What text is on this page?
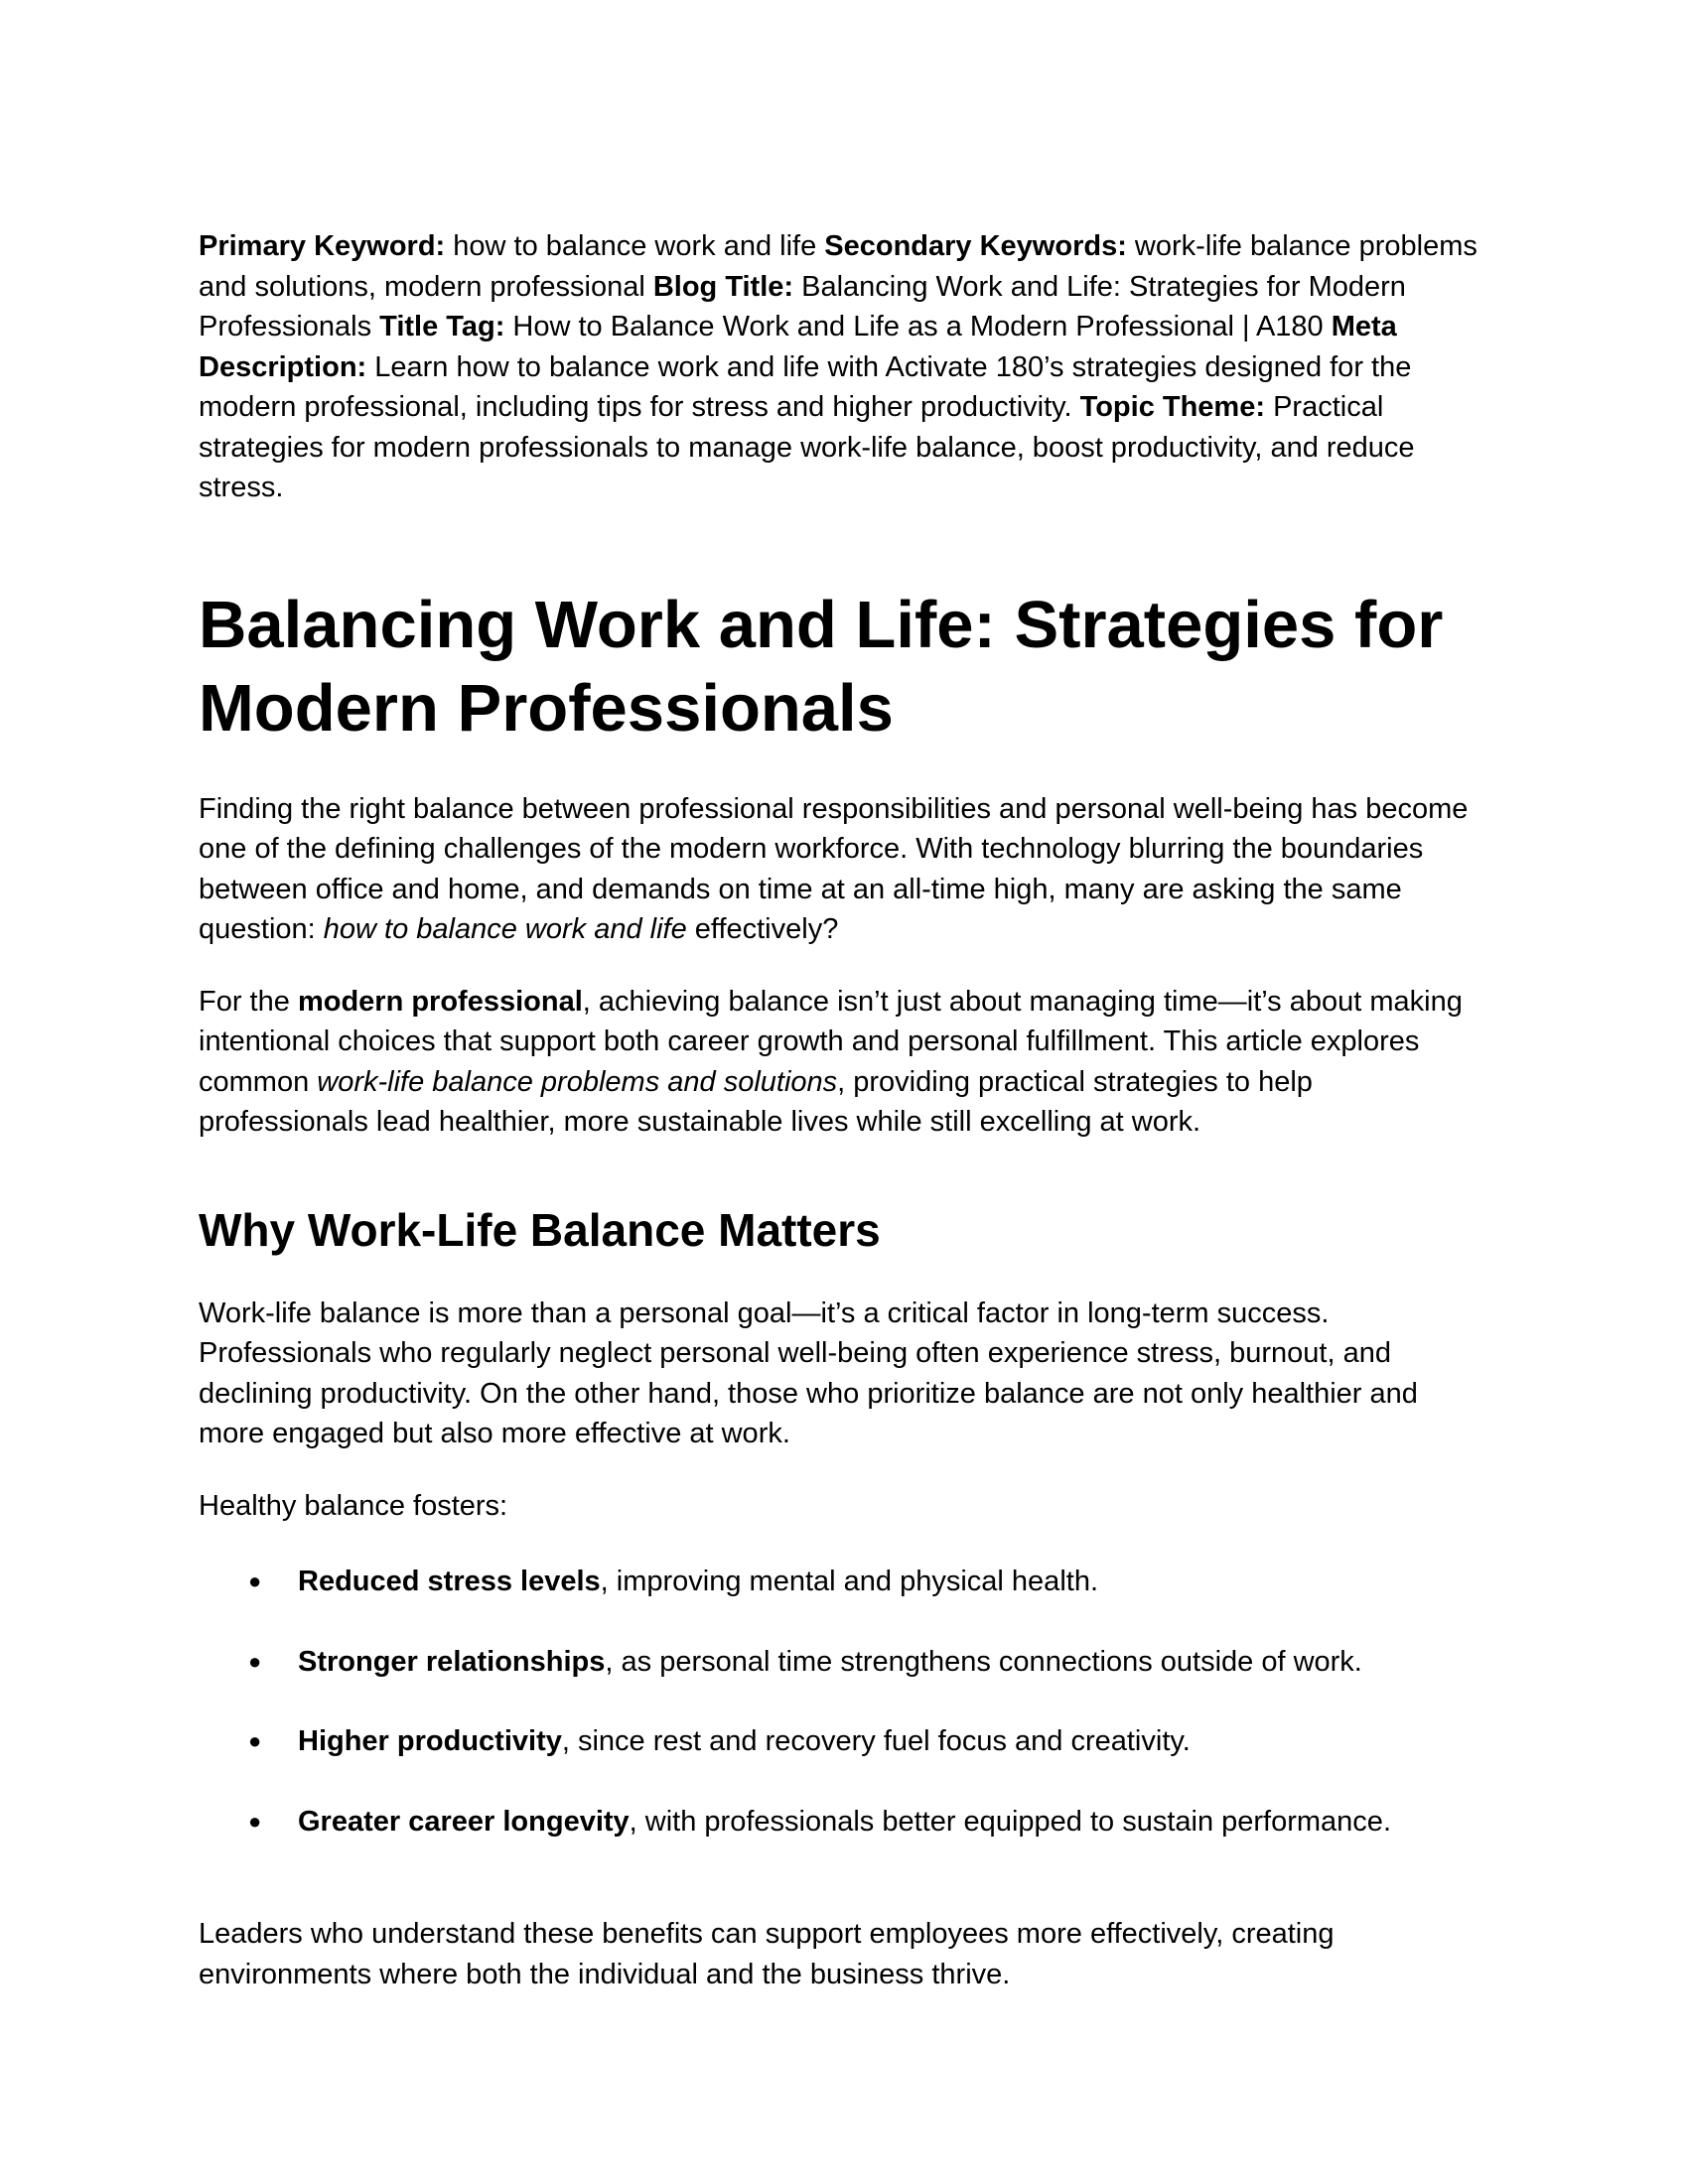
Primary Keyword: how to balance work and life Secondary Keywords: work-life balance problems and solutions, modern professional Blog Title: Balancing Work and Life: Strategies for Modern Professionals Title Tag: How to Balance Work and Life as a Modern Professional | A180 Meta Description: Learn how to balance work and life with Activate 180’s strategies designed for the modern professional, including tips for stress and higher productivity. Topic Theme: Practical strategies for modern professionals to manage work-life balance, boost productivity, and reduce stress.

Balancing Work and Life: Strategies for Modern Professionals

Finding the right balance between professional responsibilities and personal well-being has become one of the defining challenges of the modern workforce. With technology blurring the boundaries between office and home, and demands on time at an all-time high, many are asking the same question: how to balance work and life effectively?

For the modern professional, achieving balance isn’t just about managing time—it’s about making intentional choices that support both career growth and personal fulfillment. This article explores common work-life balance problems and solutions, providing practical strategies to help professionals lead healthier, more sustainable lives while still excelling at work.

Why Work-Life Balance Matters

Work-life balance is more than a personal goal—it’s a critical factor in long-term success. Professionals who regularly neglect personal well-being often experience stress, burnout, and declining productivity. On the other hand, those who prioritize balance are not only healthier and more engaged but also more effective at work.

Healthy balance fosters:

● Reduced stress levels, improving mental and physical health.
● Stronger relationships, as personal time strengthens connections outside of work.
● Higher productivity, since rest and recovery fuel focus and creativity.
● Greater career longevity, with professionals better equipped to sustain performance.

Leaders who understand these benefits can support employees more effectively, creating environments where both the individual and the business thrive.
